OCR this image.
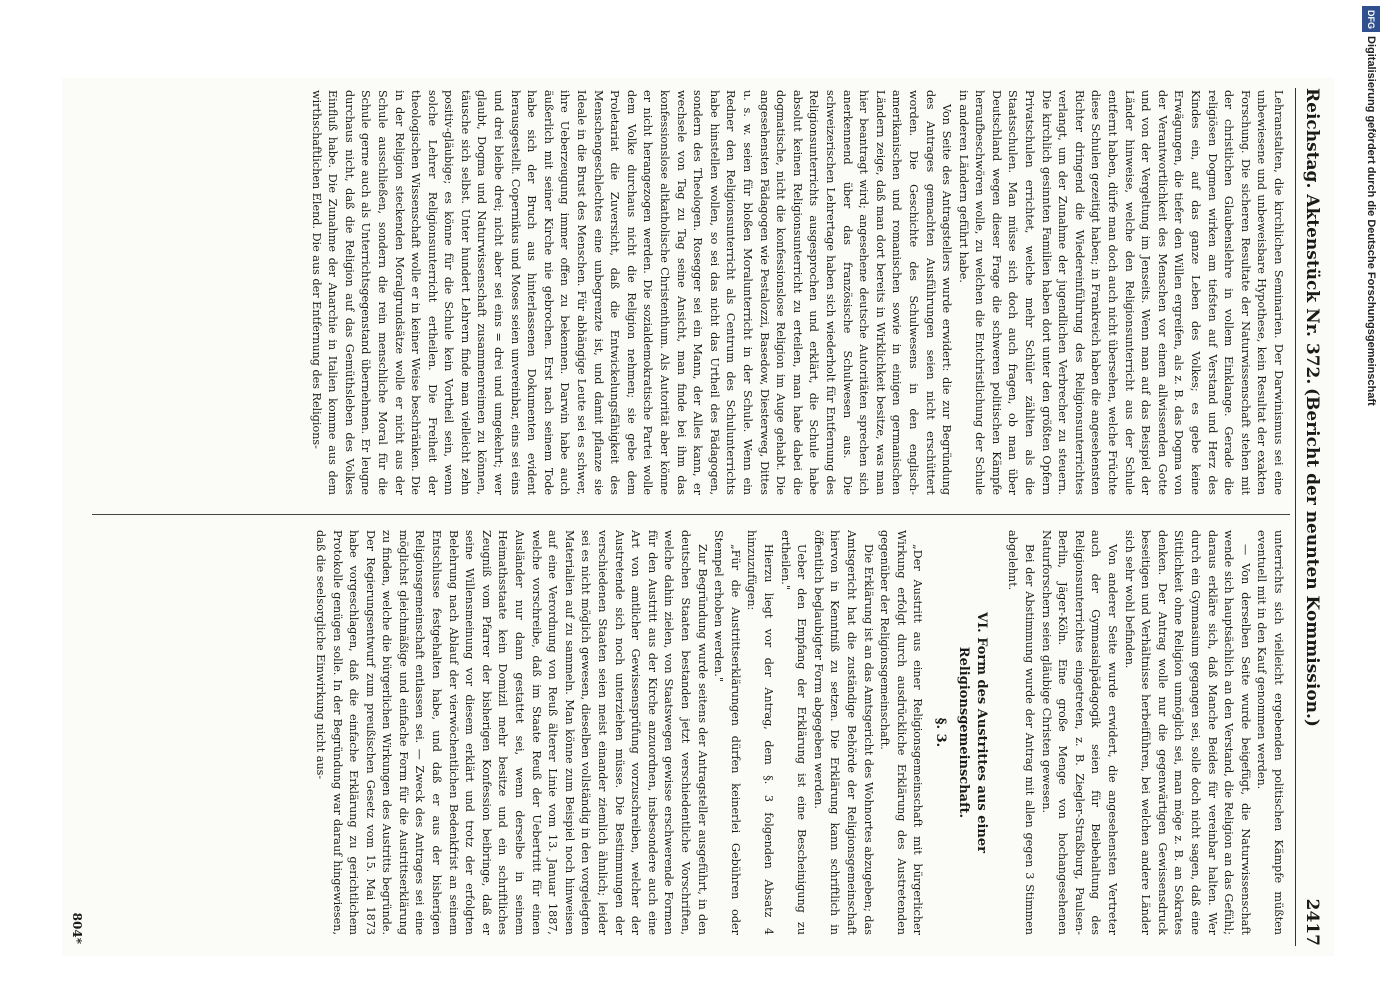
Reichstag. Aktenstück Nr. 372.
(Bericht der neunten Kommission.)
2417

Lehranstalten, die kirchlichen Seminarien. Der Darwinismus sei eine unbewiesene und unbeweisbare Hypothese, kein Resultat der exakten Forschung. Die sicheren Resultate der Naturwissenschaft stehen mit der christlichen Glaubenslehre in vollem Einklange. Gerade die religiösen Dogmen wirken am tiefsten auf Verstand und Herz des Kindes ein, auf das ganze Leben des Volkes; es gebe keine Erwägungen, die tiefer den Willen ergreifen, als z. B. das Dogma von der Verantwortlichkeit des Menschen vor einem allwissenden Gotte und von der Vergeltung im Jenseits. Wenn man auf das Beispiel der Länder hinweise, welche den Religionsunterricht aus der Schule entfernt haben, dürfe man doch auch nicht übersehen, welche Früchte diese Schulen gezeitigt haben; in Frankreich haben die angesehensten Richter dringend die Wiedereinführung des Religionsunterrichtes verlangt, um der Zunahme der jugendlichen Verbrecher zu steuern. Die kirchlich gesinnten Familien haben dort unter den größten Opfern Privatschulen errichtet, welche mehr Schüler zählten als die Staatsschulen. Man müsse sich doch auch fragen, ob man über Deutschland wegen dieser Frage die schweren politischen Kämpfe heraufbeschwören wolle, zu welchen die Entchristlichung der Schule in anderen Ländern geführt habe.

Von Seite des Antragstellers wurde erwidert: die zur Begründung des Antrages gemachten Ausführungen seien nicht erschüttert worden. Die Geschichte des Schulwesens in den englisch-amerikanischen und romanischen sowie in einigen germanischen Ländern zeige, daß man dort bereits in Wirklichkeit besitze, was man hier beantragt wird; angesehene deutsche Autoritäten sprechen sich anerkennend über das französische Schulwesen aus. Die schweizerischen Lehrertage haben sich wiederholt für Entfernung des Religionsunterrichts ausgesprochen und erklärt, die Schule habe absolut keinen Religionsunterricht zu erteilen, man habe dabei die dogmatische, nicht die konfessionslose Religion im Auge gehabt. Die angesehensten Pädagogen wie Pestalozzi, Basedow, Diesterweg, Dittes u. s. w. seien für bloßen Moralunterricht in der Schule. Wenn ein Redner den Religionsunterricht als Centrum des Schulunterrichts habe hinstellen wollen, so sei das nicht das Urtheil des Pädagogen, sondern des Theologen. Rosegger sei ein Mann, der Alles kann, er wechsele von Tag zu Tag seine Ansicht, man finde bei ihm das konfessionslose altkatholische Christenthum. Als Autorität aber könne er nicht herangezogen werden. Die sozialdemokratische Partei wolle dem Volke durchaus nicht die Religion nehmen; sie gebe dem Proletariat die Zuversicht, daß die Entwickelungsfähigkeit des Menschengeschlechtes eine unbegrenzte ist, und damit pflanze sie Ideale in die Brust des Menschen. Für abhängige Leute sei es schwer, ihre Ueberzeugung immer offen zu bekennen. Darwin habe auch äußerlich mit seiner Kirche nie gebrochen. Erst nach seinem Tode habe sich der Bruch aus hinterlassenen Dokumenten evident herausgestellt. Copernikus und Moses seien unvereinbar, eins sei eins und drei bleibe drei; nicht aber sei eins = drei und umgekehrt; wer glaubt, Dogma und Naturwissenschaft zusammenreimen zu können, täusche sich selbst. Unter hundert Lehrern finde man vielleicht zehn positiv-gläubige; es könne für die Schule kein Vortheil sein, wenn solche Lehrer Religionsunterricht ertheilen. Die Freiheit der theologischen Wissenschaft wolle er in keiner Weise beschränken. Die in der Religion steckenden Moralgrundsätze wolle er nicht aus der Schule ausschließen, sondern die rein menschliche Moral für die Schule gerne auch als Unterrichtsgegenstand übernehmen. Er leugne durchaus nicht, daß die Religion auf das Gemüthsleben des Volkes Einfluß habe. Die Zunahme der Anarchie in Italien komme aus dem wirthschaftlichen Elend. Die aus der Entfernung des Religions-

unterrichts sich vielleicht ergebenden politischen Kämpfe müßten eventuell mit in den Kauf genommen werden.

— Von derselben Seite wurde beigefügt, die Naturwissenschaft wende sich hauptsächlich an den Verstand, die Religion an das Gefühl; daraus erkläre sich, daß Manche Beides für vereinbar halten. Wer durch ein Gymnasium gegangen sei, solle doch nicht sagen, daß eine Sittlichkeit ohne Religion unmöglich sei, man möge z. B. an Sokrates denken. Der Antrag wolle nur die gegenwärtigen Gewissensdruck beseitigen und Verhältnisse herbeiführen, bei welchen andere Länder sich sehr wohl befinden.

Von anderer Seite wurde erwidert, die angesehensten Vertreter auch der Gymnasialpädagogik seien für Beibehaltung des Religionsunterrichtes eingetreten, z. B. Ziegler-Straßburg, Paulsen-Berlin, Jäger-Köln. Eine große Menge von hochangesehenen Naturforschern seien gläubige Christen gewesen.

Bei der Abstimmung wurde der Antrag mit allen gegen 3 Stimmen abgelehnt.

VI. Form des Austrittes aus einer Religionsgemeinschaft.
§. 3.

„Der Austritt aus einer Religionsgemeinschaft mit bürgerlicher Wirkung erfolgt durch ausdrückliche Erklärung des Austretenden gegenüber der Religionsgemeinschaft.

Die Erklärung ist an das Amtsgericht des Wohnortes abzugeben; das Amtsgericht hat die zuständige Behörde der Religionsgemeinschaft hiervon in Kenntniß zu setzen. Die Erklärung kann schriftlich in öffentlich beglaubigter Form abgegeben werden.

Ueber den Empfang der Erklärung ist eine Bescheinigung zu ertheilen."

Hierzu liegt vor der Antrag, dem §. 3 folgenden Absatz 4 hinzuzufügen:

„Für die Austrittserklärungen dürfen keinerlei Gebühren oder Stempel erhoben werden."

Zur Begründung wurde seitens der Antragsteller ausgeführt, in den deutschen Staaten bestanden jetzt verschiedentliche Vorschriften, welche dahin zielen, von Staatswegen gewisse erschwerende Formen für den Austritt aus der Kirche anzuordnen, insbesondere auch eine Art von amtlicher Gewissensprüfung vorzuschreiben, welcher der Austretende sich noch unterziehen müsse. Die Bestimmungen der verschiedenen Staaten seien meist einander ziemlich ähnlich; leider sei es nicht möglich gewesen, dieselben vollständig in den vorgelegten Materialien auf zu sammeln. Man könne zum Beispiel noch hinweisen auf eine Verordnung von Reuß älterer Linie vom 13. Januar 1887, welche vorschreibe, daß im Staate Reuß der Uebertritt für einen Ausländer nur dann gestattet sei, wenn derselbe in seinem Heimathsstaate kein Domizil mehr besitze und ein schriftliches Zeugniß vom Pfarrer der bisherigen Konfession beibringe, daß er seine Willensmeinung vor diesem erklärt und trotz der erfolgten Belehrung nach Ablauf der vierwöchentlichen Bedenkfrist an seinem Entschlusse festgehalten habe, und daß er aus der bisherigen Religionsgemeinschaft entlassen sei. — Zweck des Antrages sei eine möglichst gleichmäßige und einfache Form für die Austrittserklärung zu finden, welche die bürgerlichen Wirkungen des Austritts begründe. Der Regierungsentwurf zum preußischen Gesetz vom 15. Mai 1873 habe vorgeschlagen, daß die einfache Erklärung zu gerichtlichem Protokolle genügen solle. In der Begründung war darauf hingewiesen, daß die seelsorgliche Einwirkung nicht aus-

804*
DFG
Digitalisierung gefördert durch die Deutsche Forschungsgemeinschaft
